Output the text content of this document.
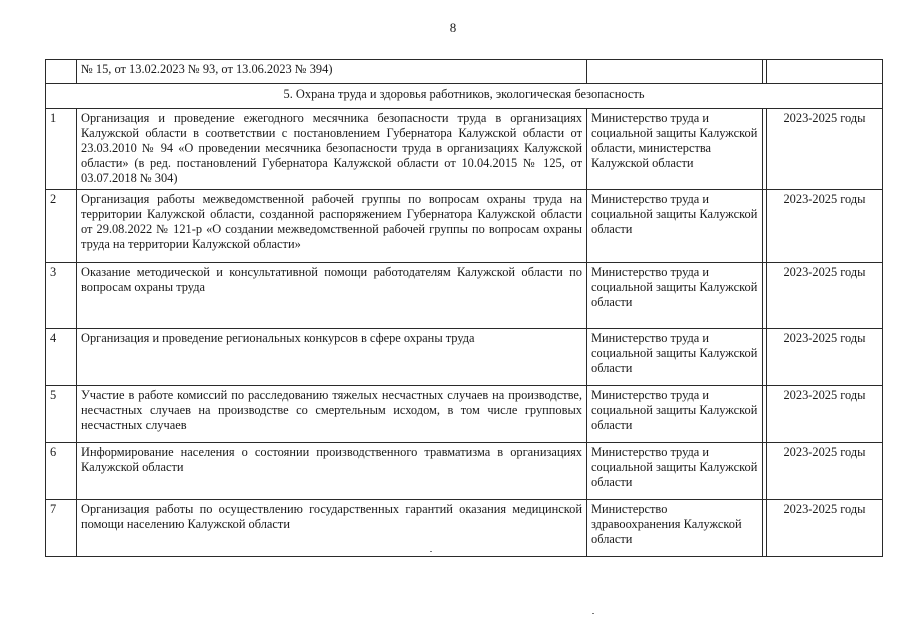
8
	№ 15, от 13.02.2023 № 93, от 13.06.2023 № 394)			
5. Охрана труда и здоровья работников, экологическая безопасность				
1	Организация и проведение ежегодного месячника безопасности труда в организациях Калужской области в соответствии с постановлением Губернатора Калужской области от 23.03.2010 № 94 «О проведении месячника безопасности труда в организациях Калужской области» (в ред. постановлений Губернатора Калужской области от 10.04.2015 № 125, от 03.07.2018 № 304)	Министерство труда и социальной защиты Калужской области, министерства Калужской области		2023-2025 годы
2	Организация работы межведомственной рабочей группы по вопросам охраны труда на территории Калужской области, созданной распоряжением Губернатора Калужской области от 29.08.2022 № 121-р «О создании межведомственной рабочей группы по вопросам охраны труда на территории Калужской области»	Министерство труда и социальной защиты Калужской области		2023-2025 годы
3	Оказание методической и консультативной помощи работодателям Калужской области по вопросам охраны труда	Министерство труда и социальной защиты Калужской области		2023-2025 годы
4	Организация и проведение региональных конкурсов в сфере охраны труда	Министерство труда и социальной защиты Калужской области		2023-2025 годы
5	Участие в работе комиссий по расследованию тяжелых несчастных случаев на производстве, несчастных случаев на производстве со смертельным исходом, в том числе групповых несчастных случаев	Министерство труда и социальной защиты Калужской области		2023-2025 годы
6	Информирование населения о состоянии производственного травматизма в организациях Калужской области	Министерство труда и социальной защиты Калужской области		2023-2025 годы
7	Организация работы по осуществлению государственных гарантий оказания медицинской помощи населению Калужской области	Министерство здравоохранения Калужской области		2023-2025 годы
